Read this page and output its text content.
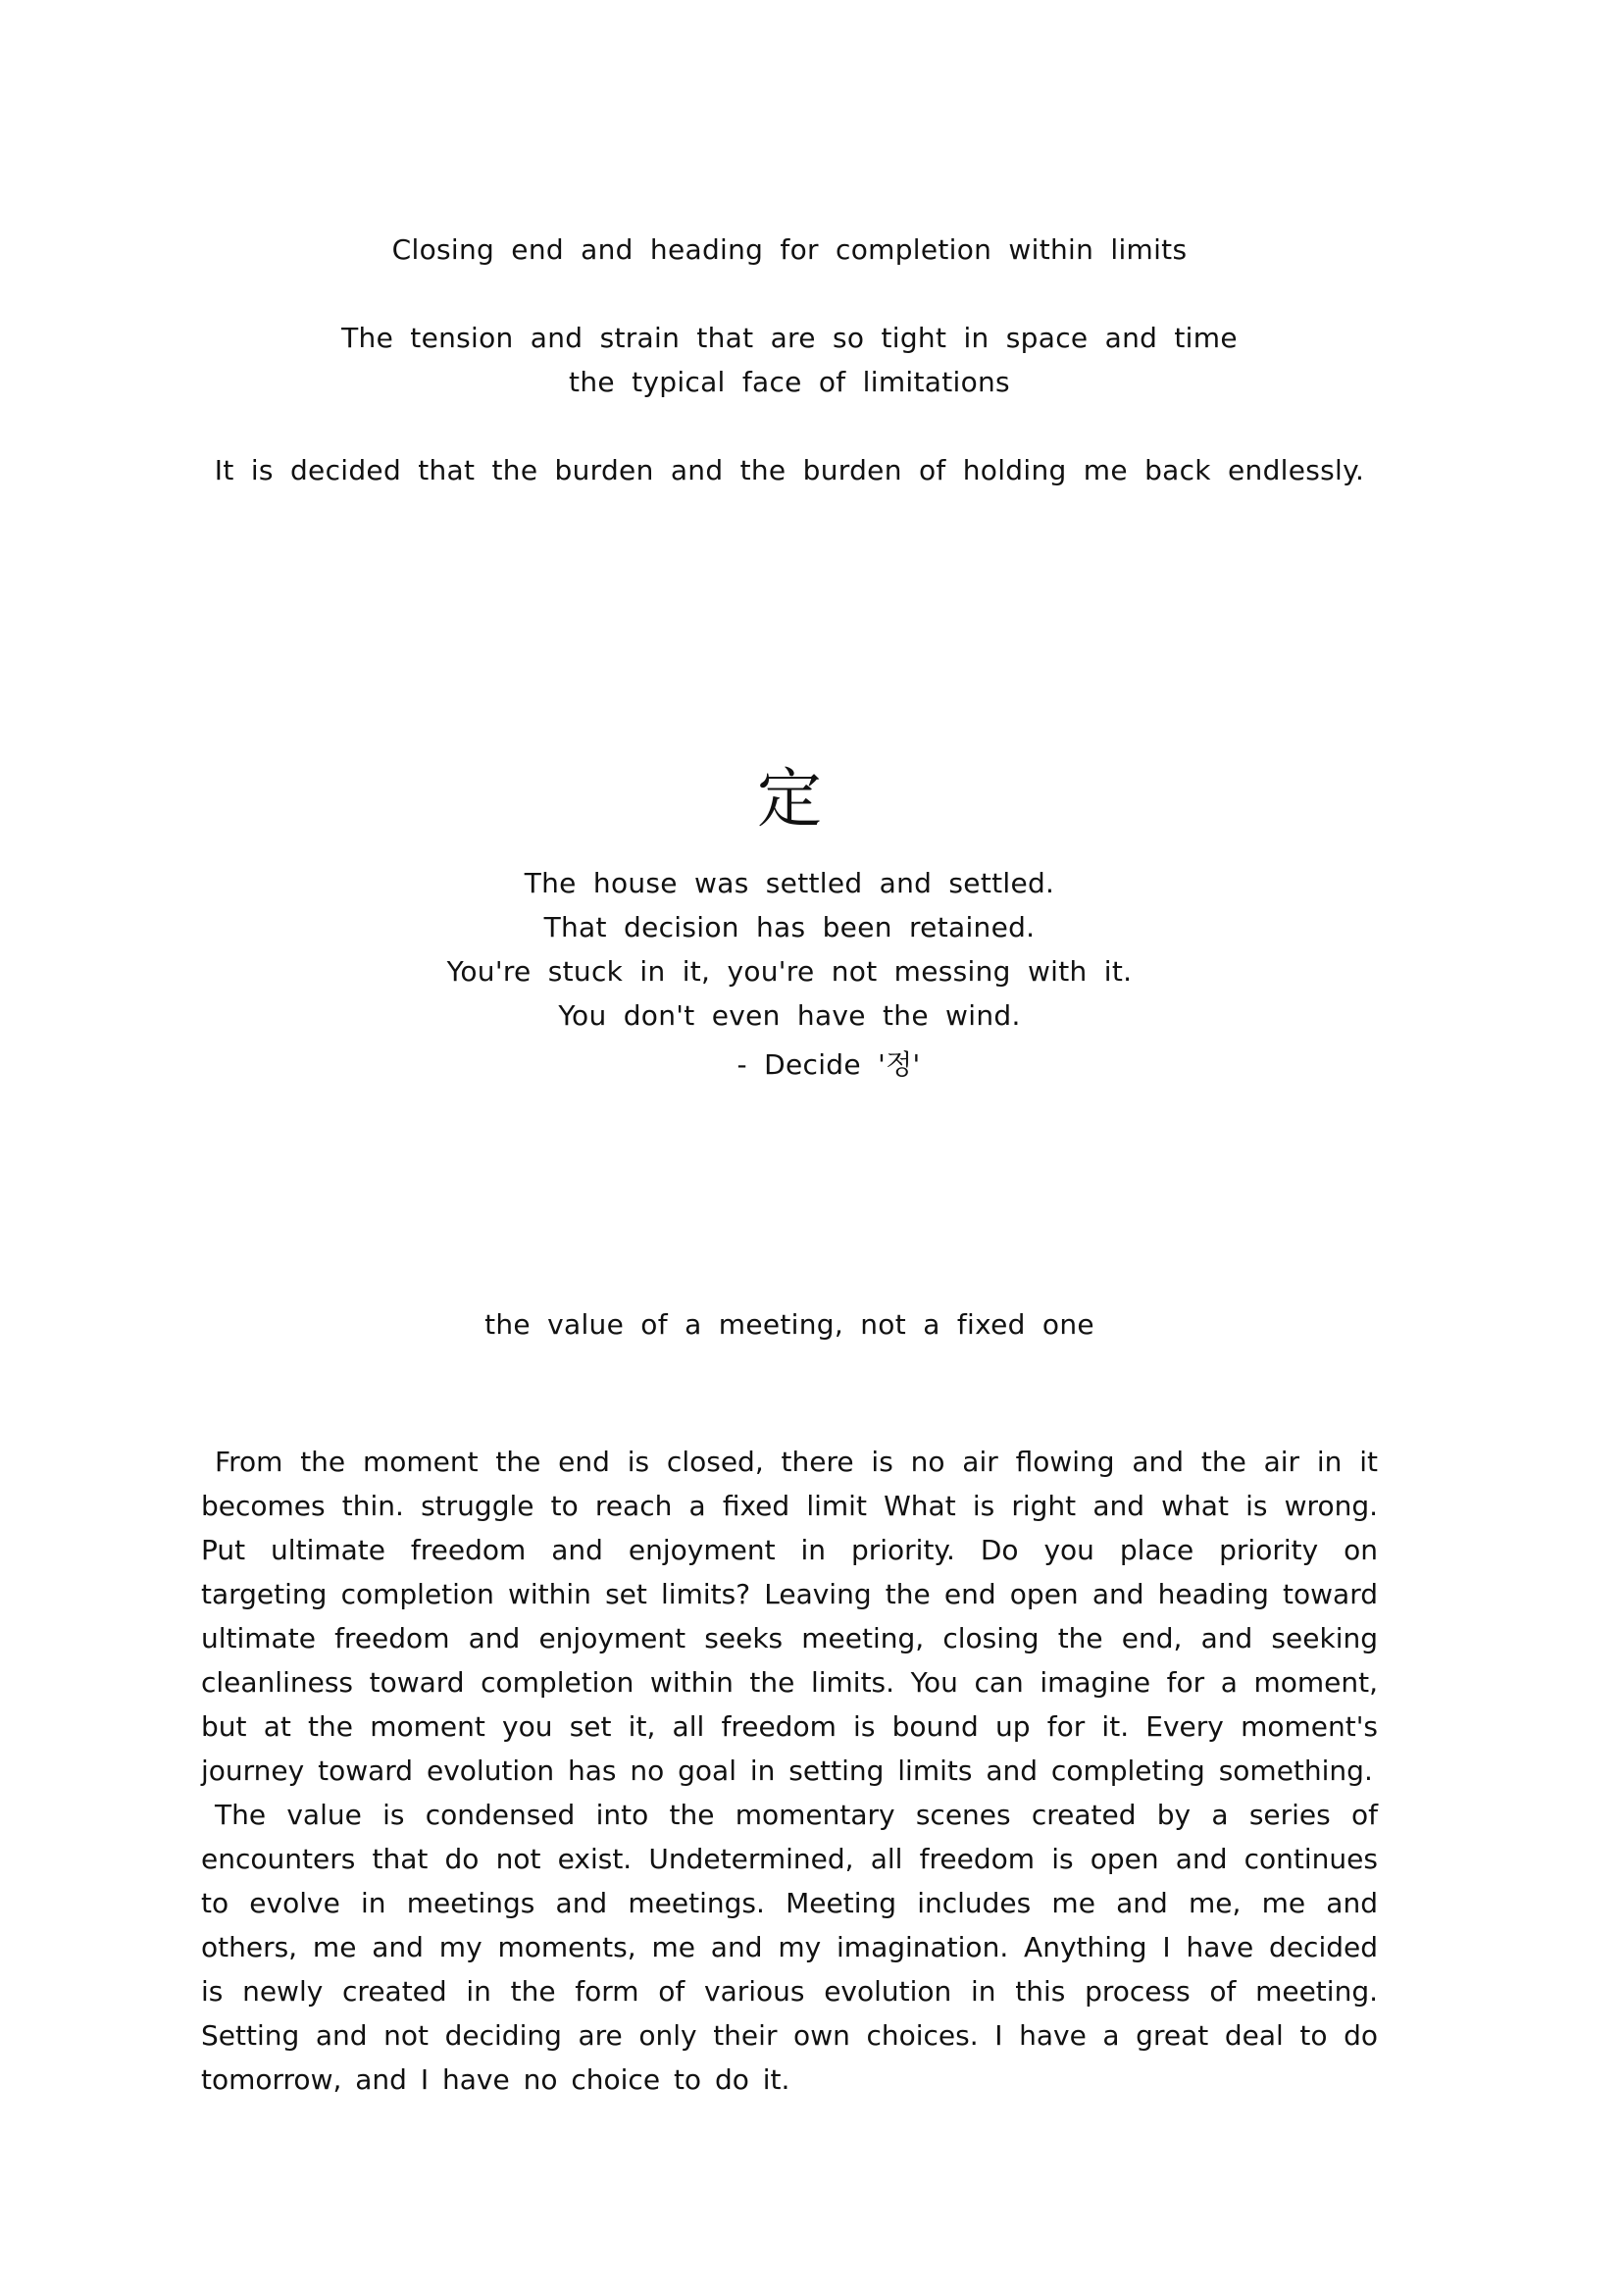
Closing end and heading for completion within limits
The tension and strain that are so tight in space and time
the typical face of limitations
It is decided that the burden and the burden of holding me back endlessly.
定
The house was settled and settled.
That decision has been retained.
You're stuck in it, you're not messing with it.
You don't even have the wind.
- Decide '정'
the value of a meeting, not a fixed one

From the moment the end is closed, there is no air flowing and the air in it becomes thin. struggle to reach a fixed limit What is right and what is wrong. Put ultimate freedom and enjoyment in priority. Do you place priority on targeting completion within set limits? Leaving the end open and heading toward ultimate freedom and enjoyment seeks meeting, closing the end, and seeking cleanliness toward completion within the limits. You can imagine for a moment, but at the moment you set it, all freedom is bound up for it. Every moment's journey toward evolution has no goal in setting limits and completing something.

The value is condensed into the momentary scenes created by a series of encounters that do not exist. Undetermined, all freedom is open and continues to evolve in meetings and meetings. Meeting includes me and me, me and others, me and my moments, me and my imagination. Anything I have decided is newly created in the form of various evolution in this process of meeting. Setting and not deciding are only their own choices. I have a great deal to do tomorrow, and I have no choice to do it.
